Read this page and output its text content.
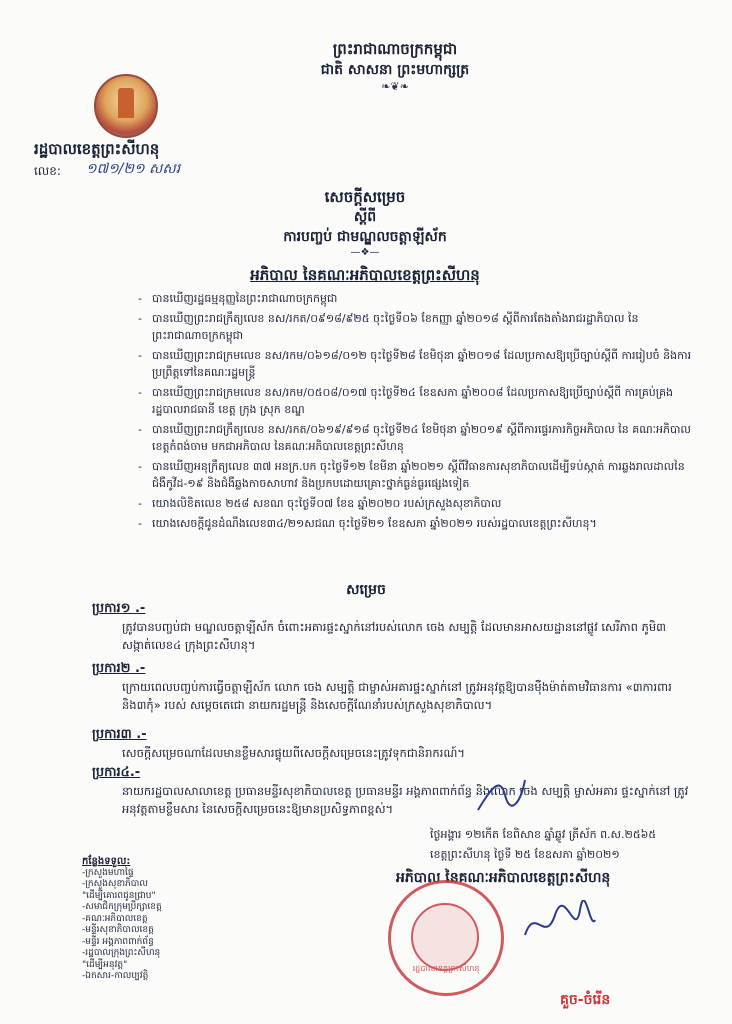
ព្រះរាជាណាចក្រកម្ពុជា
ជាតិ សាសនា ព្រះមហាក្សត្រ
❧❦❧
រដ្ឋបាលខេត្តព្រះសីហនុ
លេខ: ១៧១/២១ សសរ
សេចក្តីសម្រេច
ស្តីពី
ការបញ្ចប់ ជាមណ្ឌលចត្តាឡីស័ក
—❖—
អភិបាល នៃគណៈអភិបាលខេត្តព្រះសីហនុ
- បានឃើញរដ្ឋធម្មនុញ្ញនៃព្រះរាជាណាចក្រកម្ពុជា
- បានឃើញព្រះរាជក្រឹត្យលេខ នស/រកត/០៩១៨/៩២៥ ចុះថ្ងៃទី០៦ ខែកញ្ញា ឆ្នាំ២០១៨ ស្តីពីការតែងតាំងរាជរដ្ឋាភិបាល នៃព្រះរាជាណាចក្រកម្ពុជា
- បានឃើញព្រះរាជក្រមលេខ នស/រកម/០៦១៨/០១២ ចុះថ្ងៃទី២៨ ខែមិថុនា ឆ្នាំ២០១៨ ដែលប្រកាសឱ្យប្រើច្បាប់ស្តីពី ការរៀបចំ និងការប្រព្រឹត្តទៅនៃគណៈរដ្ឋមន្ត្រី
- បានឃើញព្រះរាជក្រមលេខ នស/រកម/០៥០៨/០១៧ ចុះថ្ងៃទី២៤ ខែឧសភា ឆ្នាំ២០០៨ ដែលប្រកាសឱ្យប្រើច្បាប់ស្តីពី ការគ្រប់គ្រងរដ្ឋបាលរាជធានី ខេត្ត ក្រុង ស្រុក ខណ្ឌ
- បានឃើញព្រះរាជក្រឹត្យលេខ នស/រកត/០៦១៩/៩១៨ ចុះថ្ងៃទី២៤ ខែមិថុនា ឆ្នាំ២០១៩ ស្តីពីការផ្ទេរភារកិច្ចអភិបាល នៃ គណៈអភិបាលខេត្តកំពង់ចាម មកជាអភិបាល នៃគណៈអភិបាលខេត្តព្រះសីហនុ
- បានឃើញអនុក្រឹត្យលេខ ៣៧ អនក្រ.បក ចុះថ្ងៃទី១២ ខែមីនា ឆ្នាំ២០២១ ស្តីពីវិធានការសុខាភិបាលដើម្បីទប់ស្កាត់ ការឆ្លងរាលដាលនៃជំងឺកូវីដ-១៩ និងជំងឺឆ្លងកាចសាហាវ និងប្រកបដោយគ្រោះថ្នាក់ធ្ងន់ធ្ងរផ្សេងទៀត
- យោងលិខិតលេខ ២៥៨ សខណ ចុះថ្ងៃទី០៧ ខែឧ ឆ្នាំ២០២០ របស់ក្រសួងសុខាភិបាល
- យោងសេចក្តីជូនដំណឹងលេខ៣៤/២១សជណ ចុះថ្ងៃទី២១ ខែឧសភា ឆ្នាំ២០២១ របស់រដ្ឋបាលខេត្តព្រះសីហនុ។
សម្រេច
ប្រការ១ .-
ត្រូវបានបញ្ចប់ជា មណ្ឌលចត្តាឡីស័ក ចំពោះអគារផ្ទះស្នាក់នៅរបស់លោក ចេង សម្បត្តិ ដែលមានអាសយដ្ឋាននៅផ្លូវ សេរីភាព ភូមិ៣ សង្កាត់លេខ៤ ក្រុងព្រះសីហនុ។
ប្រការ២ .-
ក្រោយពេលបញ្ចប់ការធ្វើចត្តាឡីស័ក លោក ចេង សម្បត្តិ ជាម្ចាស់អគារផ្ទះស្នាក់នៅ ត្រូវអនុវត្តឱ្យបានម៉ឺងម៉ាត់តាមវិធានការ «៣ការពារ និង៣កុំ» របស់ សម្តេចតេជោ នាយករដ្ឋមន្ត្រី និងសេចក្តីណែនាំរបស់ក្រសួងសុខាភិបាល។
ប្រការ៣ .-
សេចក្តីសម្រេចណាដែលមានខ្លឹមសារផ្ទុយពីសេចក្តីសម្រេចនេះត្រូវទុកជានិរាករណ៍។
ប្រការ៤.-
នាយករដ្ឋបាលសាលាខេត្ត ប្រធានមន្ទីរសុខាភិបាលខេត្ត ប្រធានមន្ទីរ អង្គភាពពាក់ព័ន្ធ និងលោក ចេង សម្បត្តិ ម្ចាស់អគារ ផ្ទះស្នាក់នៅ ត្រូវអនុវត្តតាមខ្លឹមសារ នៃសេចក្តីសម្រេចនេះឱ្យមានប្រសិទ្ធភាពខ្ពស់។
ថ្ងៃអង្គារ ១២កើត ខែពិសាខ ឆ្នាំឆ្លូវ ត្រីស័ក ព.ស.២៥៦៥
ខេត្តព្រះសីហនុ ថ្ងៃទី ២៥ ខែឧសភា ឆ្នាំ២០២១
អភិបាល នៃគណៈអភិបាលខេត្តព្រះសីហនុ
រដ្ឋបាលខេត្តព្រះសីហនុ
គួច-ចំរើន
កន្លែងទទួល:
-ក្រសួងមហាផ្ទៃ
-ក្រសួងសុខាភិបាល
"ដើម្បីគោរពជូនជ្រាប"
-សមាជិកក្រុមប្រឹក្សាខេត្ត
-គណៈអភិបាលខេត្ត
-មន្ទីរសុខាភិបាលខេត្ត
-មន្ទីរ អង្គភាពពាក់ព័ន្ធ
-រដ្ឋបាលក្រុងព្រះសីហនុ
"ដើម្បីអនុវត្ត"
-ឯកសារ-កាលប្បវត្តិ
